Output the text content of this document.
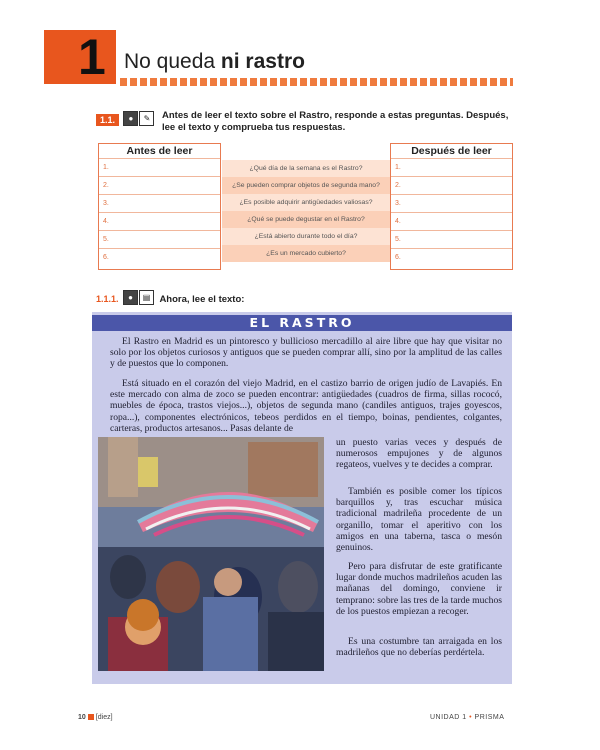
1 No queda ni rastro
1.1. ● ✎	Antes de leer el texto sobre el Rastro, responde a estas preguntas. Después, lee el texto y comprueba tus respuestas.
Antes de leer
1.
2.
3.
4.
5.
6.
¿Qué día de la semana es el Rastro?
¿Se pueden comprar objetos de segunda mano?
¿Es posible adquirir antigüedades valiosas?
¿Qué se puede degustar en el Rastro?
¿Está abierto durante todo el día?
¿Es un mercado cubierto?
Después de leer
1.
2.
3.
4.
5.
6.
1.1.1. ● ▤ Ahora, lee el texto:
EL RASTRO
El Rastro en Madrid es un pintoresco y bullicioso mercadillo al aire libre que hay que visitar no solo por los objetos curiosos y antiguos que se pueden comprar allí, sino por la amplitud de las calles y de puestos que lo componen.
Está situado en el corazón del viejo Madrid, en el castizo barrio de origen judío de Lavapiés. En este mercado con alma de zoco se pueden encontrar: antigüedades (cuadros de firma, sillas rococó, muebles de época, trastos viejos...), objetos de segunda mano (candiles antiguos, trajes goyescos, ropa...), componentes electrónicos, tebeos perdidos en el tiempo, boinas, pendientes, colgantes, carteras, productos artesanos... Pasas delante de
un puesto varias veces y después de numerosos empujones y de algunos regateos, vuelves y te decides a comprar.
También es posible comer los típicos barquillos y, tras escuchar música tradicional madrileña procedente de un organillo, tomar el aperitivo con los amigos en una taberna, tasca o mesón genuinos.
Pero para disfrutar de este gratificante lugar donde muchos madrileños acuden las mañanas del domingo, conviene ir temprano: sobre las tres de la tarde muchos de los puestos empiezan a recoger.
Es una costumbre tan arraigada en los madrileños que no deberías perdértela.
10 [diez]	UNIDAD 1 • PRISMA
